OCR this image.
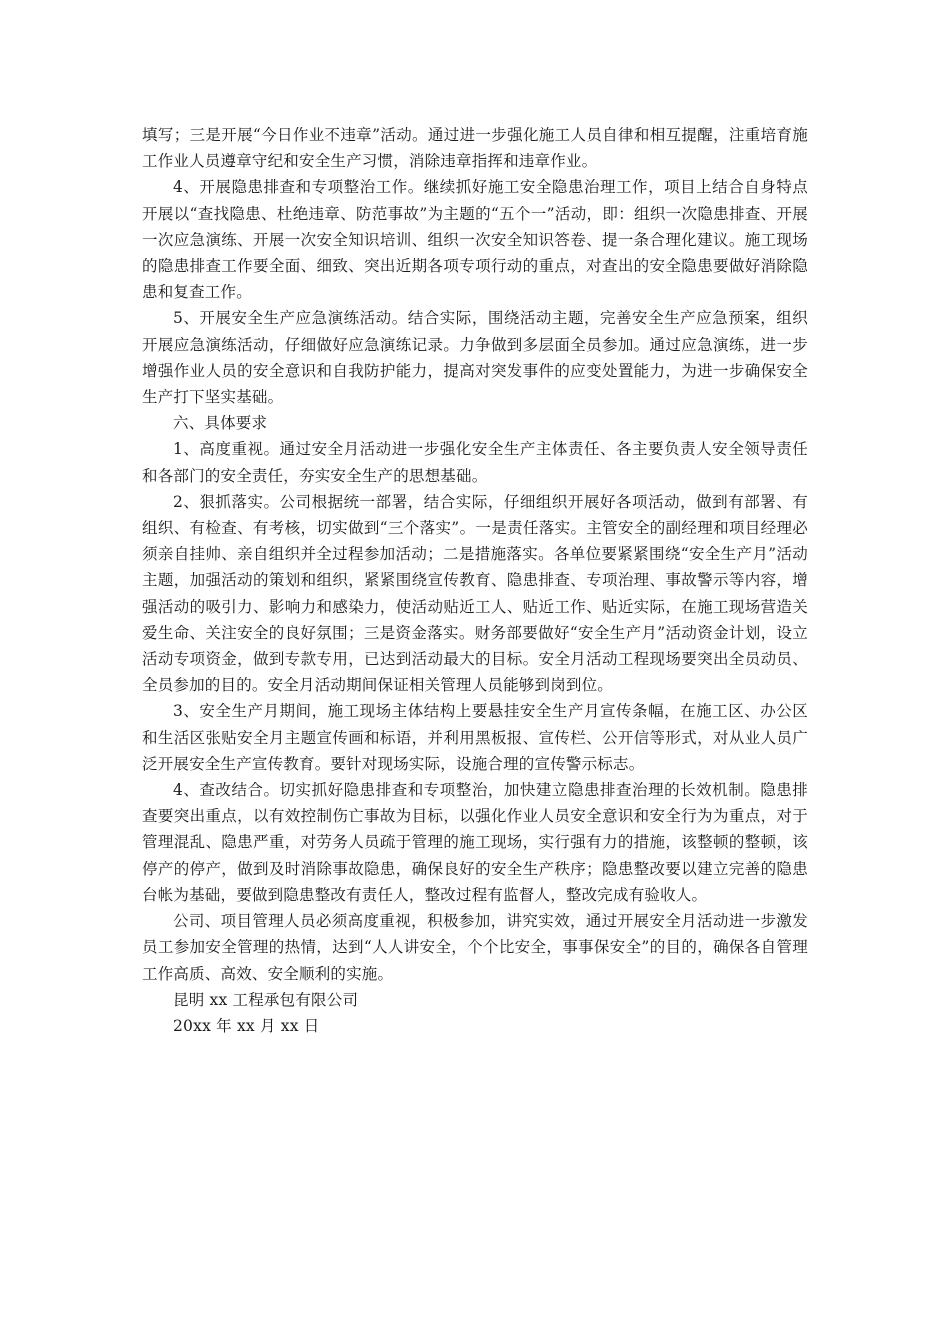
填写；三是开展“今日作业不违章”活动。通过进一步强化施工人员自律和相互提醒，注重培育施工作业人员遵章守纪和安全生产习惯，消除违章指挥和违章作业。

4、开展隐患排查和专项整治工作。继续抓好施工安全隐患治理工作，项目上结合自身特点开展以“查找隐患、杜绝违章、防范事故”为主题的“五个一”活动，即：组织一次隐患排查、开展一次应急演练、开展一次安全知识培训、组织一次安全知识答卷、提一条合理化建议。施工现场的隐患排查工作要全面、细致、突出近期各项专项行动的重点，对查出的安全隐患要做好消除隐患和复查工作。

5、开展安全生产应急演练活动。结合实际，围绕活动主题，完善安全生产应急预案，组织开展应急演练活动，仔细做好应急演练记录。力争做到多层面全员参加。通过应急演练，进一步增强作业人员的安全意识和自我防护能力，提高对突发事件的应变处置能力，为进一步确保安全生产打下坚实基础。

六、具体要求

1、高度重视。通过安全月活动进一步强化安全生产主体责任、各主要负责人安全领导责任和各部门的安全责任，夯实安全生产的思想基础。

2、狠抓落实。公司根据统一部署，结合实际，仔细组织开展好各项活动，做到有部署、有组织、有检查、有考核，切实做到“三个落实”。一是责任落实。主管安全的副经理和项目经理必须亲自挂帅、亲自组织并全过程参加活动；二是措施落实。各单位要紧紧围绕“安全生产月”活动主题，加强活动的策划和组织，紧紧围绕宣传教育、隐患排查、专项治理、事故警示等内容，增强活动的吸引力、影响力和感染力，使活动贴近工人、贴近工作、贴近实际，在施工现场营造关爱生命、关注安全的良好氛围；三是资金落实。财务部要做好“安全生产月”活动资金计划，设立活动专项资金，做到专款专用，已达到活动最大的目标。安全月活动工程现场要突出全员动员、全员参加的目的。安全月活动期间保证相关管理人员能够到岗到位。

3、安全生产月期间，施工现场主体结构上要悬挂安全生产月宣传条幅，在施工区、办公区和生活区张贴安全月主题宣传画和标语，并利用黑板报、宣传栏、公开信等形式，对从业人员广泛开展安全生产宣传教育。要针对现场实际，设施合理的宣传警示标志。

4、查改结合。切实抓好隐患排查和专项整治，加快建立隐患排查治理的长效机制。隐患排查要突出重点，以有效控制伤亡事故为目标，以强化作业人员安全意识和安全行为为重点，对于管理混乱、隐患严重，对劳务人员疏于管理的施工现场，实行强有力的措施，该整顿的整顿，该停产的停产，做到及时消除事故隐患，确保良好的安全生产秩序；隐患整改要以建立完善的隐患台帐为基础，要做到隐患整改有责任人，整改过程有监督人，整改完成有验收人。

公司、项目管理人员必须高度重视，积极参加，讲究实效，通过开展安全月活动进一步激发员工参加安全管理的热情，达到“人人讲安全，个个比安全，事事保安全”的目的，确保各自管理工作高质、高效、安全顺利的实施。

昆明 xx 工程承包有限公司

20xx 年 xx 月 xx 日
